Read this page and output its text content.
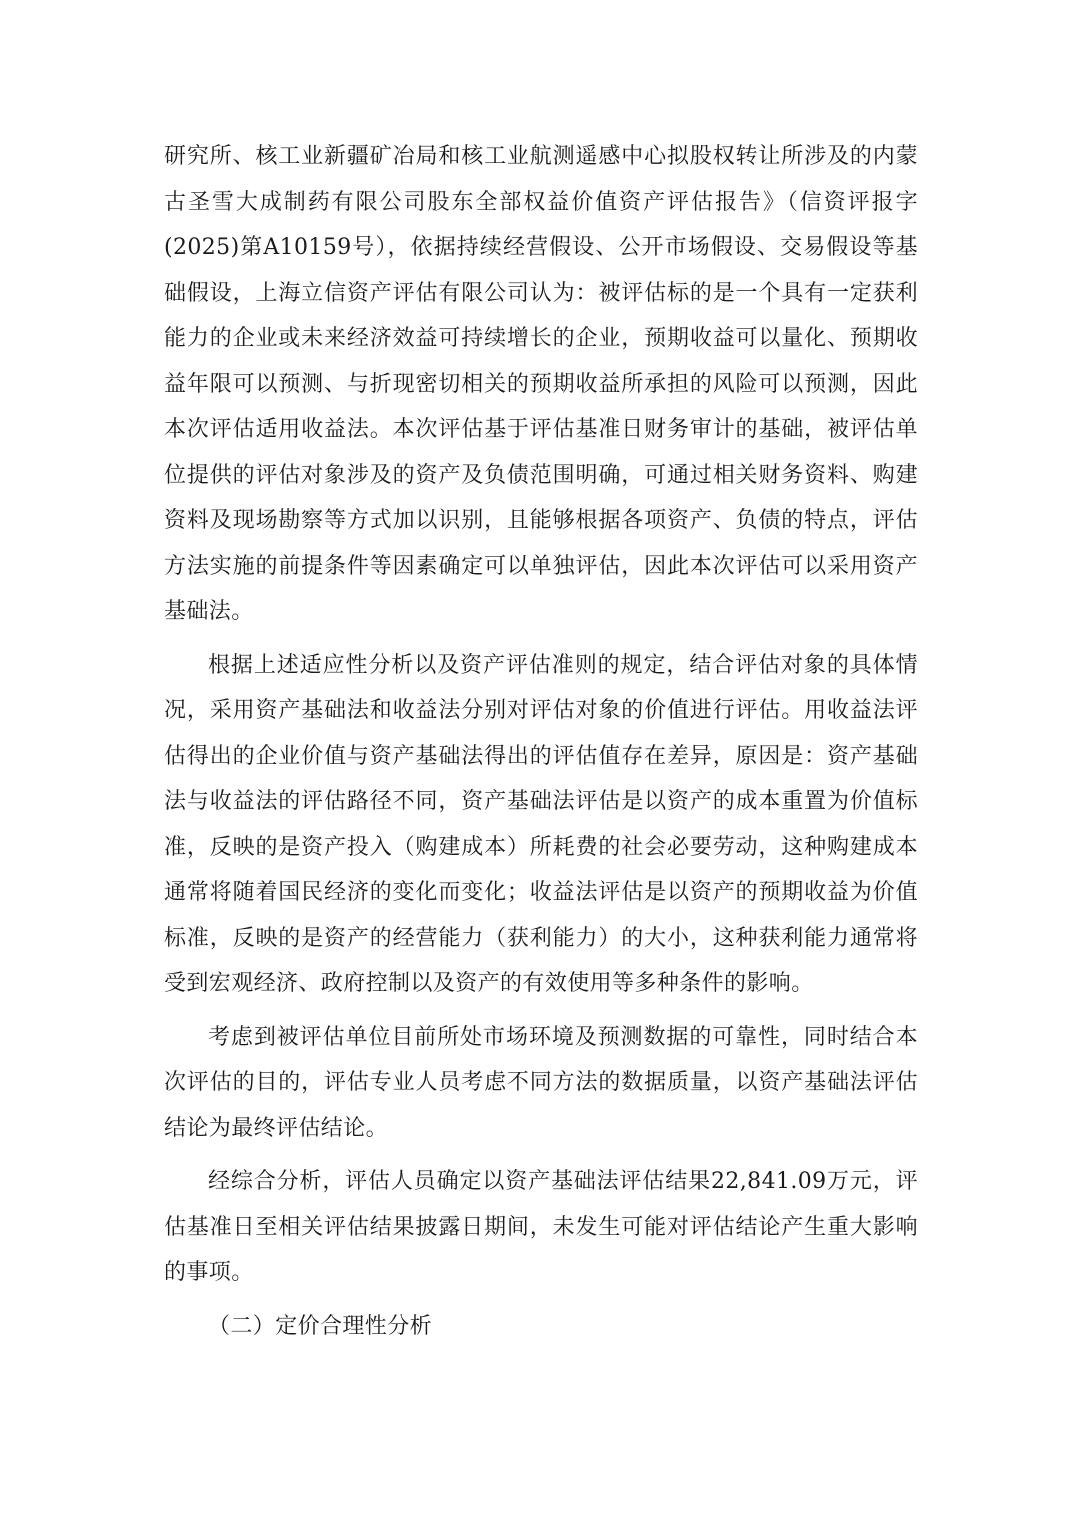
研究所、核工业新疆矿冶局和核工业航测遥感中心拟股权转让所涉及的内蒙古圣雪大成制药有限公司股东全部权益价值资产评估报告》（信资评报字(2025)第A10159号），依据持续经营假设、公开市场假设、交易假设等基础假设，上海立信资产评估有限公司认为：被评估标的是一个具有一定获利能力的企业或未来经济效益可持续增长的企业，预期收益可以量化、预期收益年限可以预测、与折现密切相关的预期收益所承担的风险可以预测，因此本次评估适用收益法。本次评估基于评估基准日财务审计的基础，被评估单位提供的评估对象涉及的资产及负债范围明确，可通过相关财务资料、购建资料及现场勘察等方式加以识别，且能够根据各项资产、负债的特点，评估方法实施的前提条件等因素确定可以单独评估，因此本次评估可以采用资产基础法。

根据上述适应性分析以及资产评估准则的规定，结合评估对象的具体情况，采用资产基础法和收益法分别对评估对象的价值进行评估。用收益法评估得出的企业价值与资产基础法得出的评估值存在差异，原因是：资产基础法与收益法的评估路径不同，资产基础法评估是以资产的成本重置为价值标准，反映的是资产投入（购建成本）所耗费的社会必要劳动，这种购建成本通常将随着国民经济的变化而变化；收益法评估是以资产的预期收益为价值标准，反映的是资产的经营能力（获利能力）的大小，这种获利能力通常将受到宏观经济、政府控制以及资产的有效使用等多种条件的影响。

考虑到被评估单位目前所处市场环境及预测数据的可靠性，同时结合本次评估的目的，评估专业人员考虑不同方法的数据质量，以资产基础法评估结论为最终评估结论。

经综合分析，评估人员确定以资产基础法评估结果22,841.09万元，评估基准日至相关评估结果披露日期间，未发生可能对评估结论产生重大影响的事项。

（二）定价合理性分析
